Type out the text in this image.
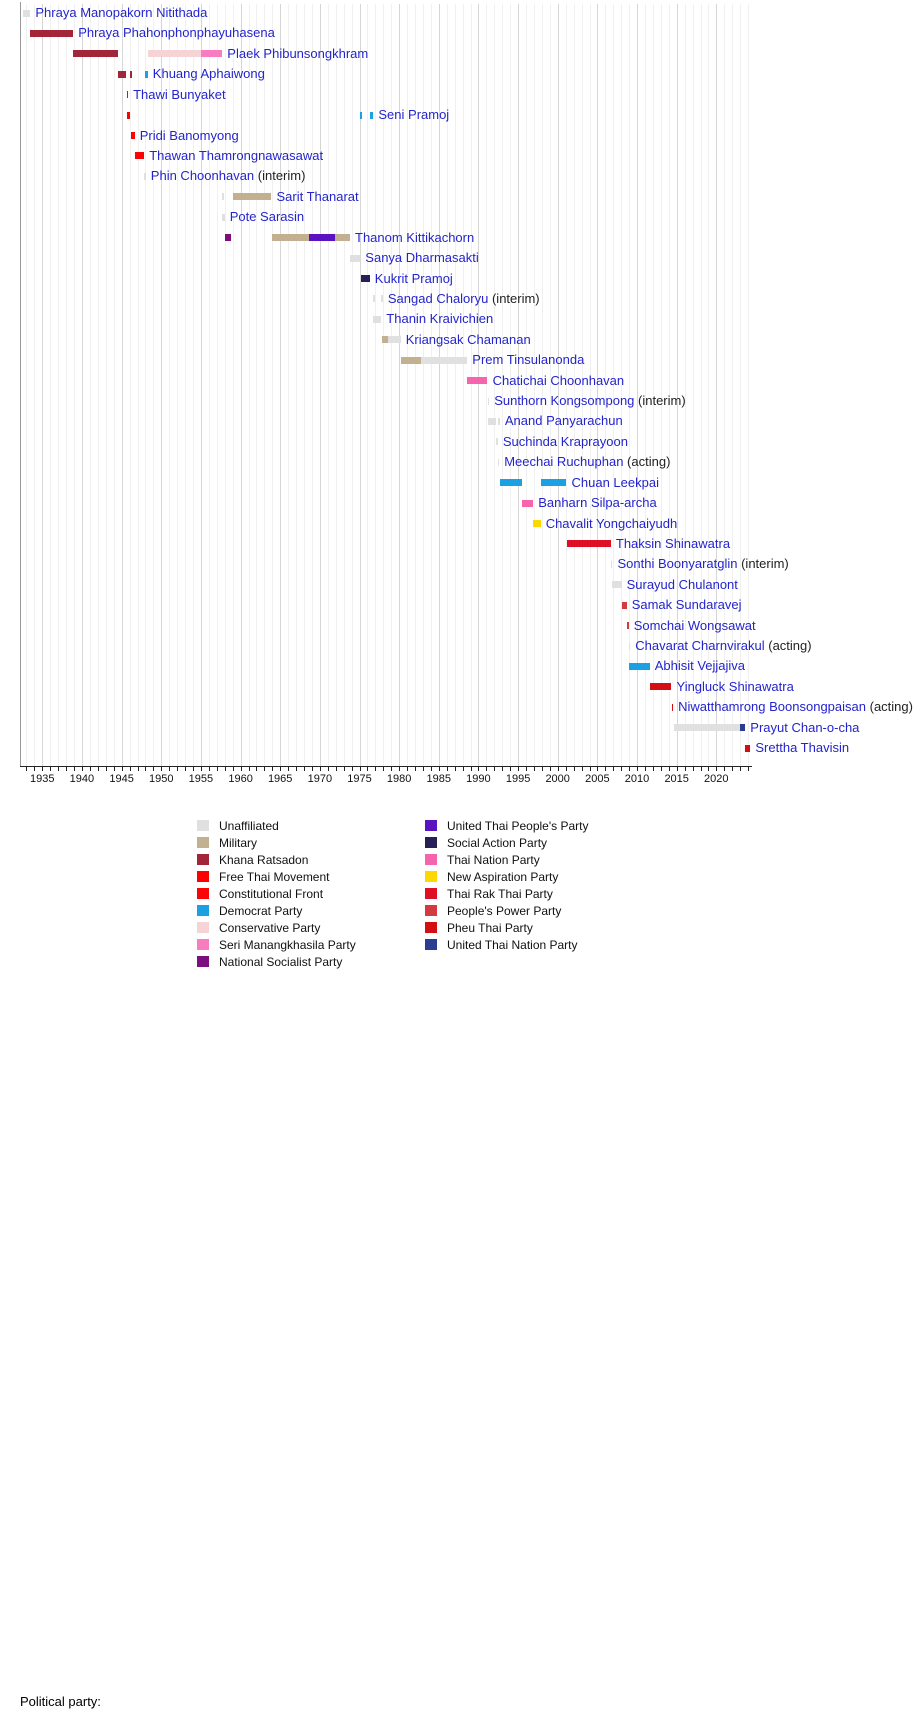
Phraya Manopakorn Nitithada
Phraya Phahonphonphayuhasena
Plaek Phibunsongkhram
Khuang Aphaiwong
Thawi Bunyaket
Seni Pramoj
Pridi Banomyong
Thawan Thamrongnawasawat
Phin Choonhavan (interim)
Sarit Thanarat
Pote Sarasin
Thanom Kittikachorn
Sanya Dharmasakti
Kukrit Pramoj
Sangad Chaloryu (interim)
Thanin Kraivichien
Kriangsak Chamanan
Prem Tinsulanonda
Chatichai Choonhavan
Sunthorn Kongsompong (interim)
Anand Panyarachun
Suchinda Kraprayoon
Meechai Ruchuphan (acting)
Chuan Leekpai
Banharn Silpa-archa
Chavalit Yongchaiyudh
Thaksin Shinawatra
Sonthi Boonyaratglin (interim)
Surayud Chulanont
Samak Sundaravej
Somchai Wongsawat
Chavarat Charnvirakul (acting)
Abhisit Vejjajiva
Yingluck Shinawatra
Niwatthamrong Boonsongpaisan (acting)
Prayut Chan-o-cha
Srettha Thavisin
1935	1940	1945	1950	1955	1960	1965	1970	1975	1980	1985	1990	1995	2000	2005	2010	2015	2020
Political party:
Unaffiliated
Military
Khana Ratsadon
Free Thai Movement
Constitutional Front
Democrat Party
Conservative Party
Seri Manangkhasila Party
National Socialist Party
United Thai People's Party
Social Action Party
Thai Nation Party
New Aspiration Party
Thai Rak Thai Party
People's Power Party
Pheu Thai Party
United Thai Nation Party
